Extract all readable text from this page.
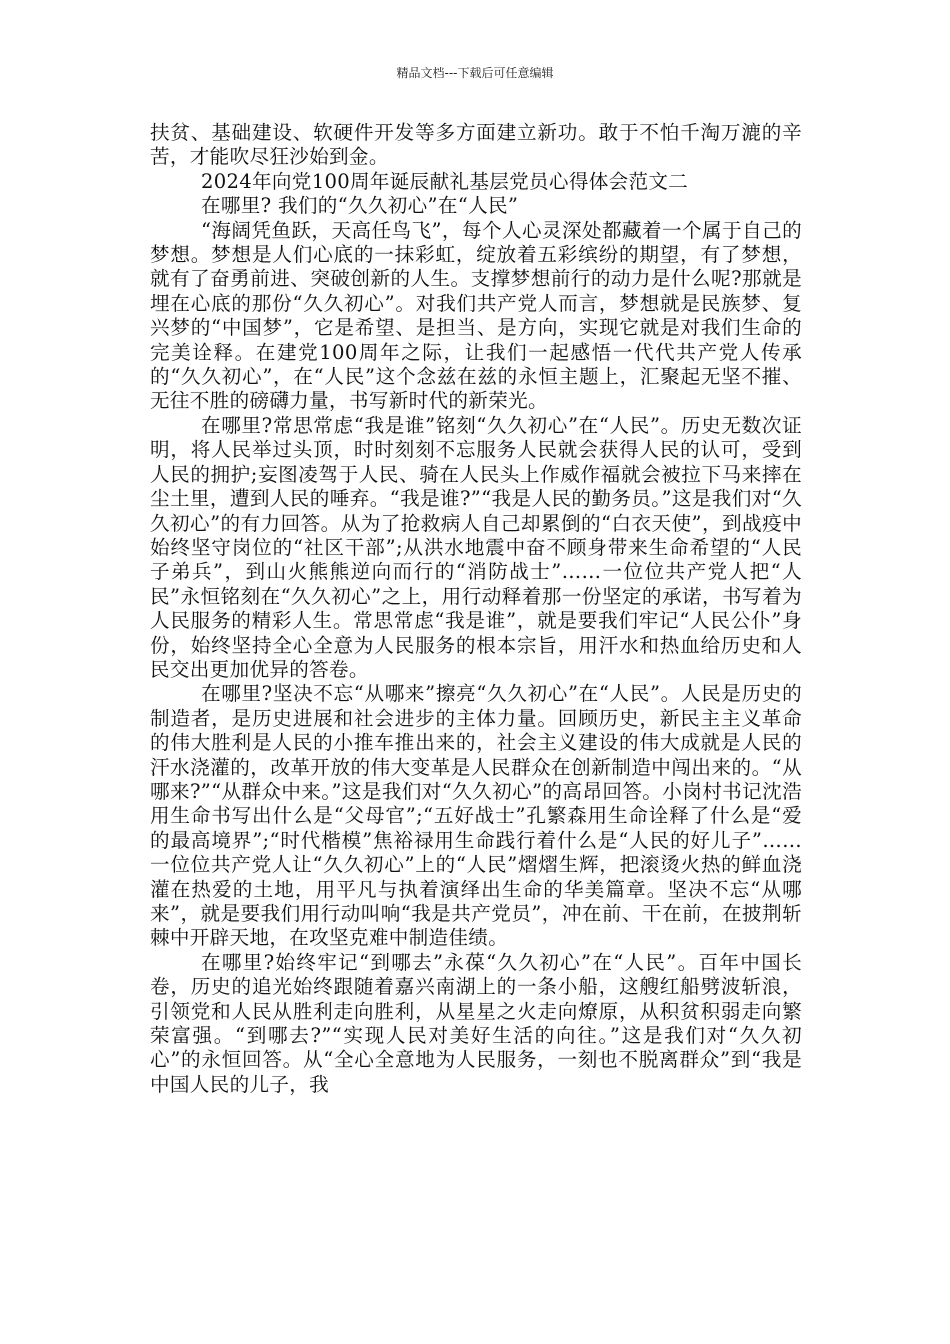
精品文档---下载后可任意编辑

扶贫、基础建设、软硬件开发等多方面建立新功。敢于不怕千淘万漉的辛苦，才能吹尽狂沙始到金。

2024年向党100周年诞辰献礼基层党员心得体会范文二

在哪里? 我们的“久久初心”在“人民”

“海阔凭鱼跃，天高任鸟飞”，每个人心灵深处都藏着一个属于自己的梦想。梦想是人们心底的一抹彩虹，绽放着五彩缤纷的期望，有了梦想，就有了奋勇前进、突破创新的人生。支撑梦想前行的动力是什么呢?那就是埋在心底的那份“久久初心”。对我们共产党人而言，梦想就是民族梦、复兴梦的“中国梦”，它是希望、是担当、是方向，实现它就是对我们生命的完美诠释。在建党100周年之际，让我们一起感悟一代代共产党人传承的“久久初心”，在“人民”这个念兹在兹的永恒主题上，汇聚起无坚不摧、无往不胜的磅礴力量，书写新时代的新荣光。

在哪里?常思常虑“我是谁”铭刻“久久初心”在“人民”。历史无数次证明，将人民举过头顶，时时刻刻不忘服务人民就会获得人民的认可，受到人民的拥护;妄图凌驾于人民、骑在人民头上作威作福就会被拉下马来摔在尘土里，遭到人民的唾弃。“我是谁?”“我是人民的勤务员。”这是我们对“久久初心”的有力回答。从为了抢救病人自己却累倒的“白衣天使”，到战疫中始终坚守岗位的“社区干部”;从洪水地震中奋不顾身带来生命希望的“人民子弟兵”，到山火熊熊逆向而行的“消防战士”……一位位共产党人把“人民”永恒铭刻在“久久初心”之上，用行动释着那一份坚定的承诺，书写着为人民服务的精彩人生。常思常虑“我是谁”，就是要我们牢记“人民公仆”身份，始终坚持全心全意为人民服务的根本宗旨，用汗水和热血给历史和人民交出更加优异的答卷。

在哪里?坚决不忘“从哪来”擦亮“久久初心”在“人民”。人民是历史的制造者，是历史进展和社会进步的主体力量。回顾历史，新民主主义革命的伟大胜利是人民的小推车推出来的，社会主义建设的伟大成就是人民的汗水浇灌的，改革开放的伟大变革是人民群众在创新制造中闯出来的。“从哪来?”“从群众中来。”这是我们对“久久初心”的高昂回答。小岗村书记沈浩用生命书写出什么是“父母官”;“五好战士”孔繁森用生命诠释了什么是“爱的最高境界”;“时代楷模”焦裕禄用生命践行着什么是“人民的好儿子”……一位位共产党人让“久久初心”上的“人民”熠熠生辉，把滚烫火热的鲜血浇灌在热爱的土地，用平凡与执着演绎出生命的华美篇章。坚决不忘“从哪来”，就是要我们用行动叫响“我是共产党员”，冲在前、干在前，在披荆斩棘中开辟天地，在攻坚克难中制造佳绩。

在哪里?始终牢记“到哪去”永葆“久久初心”在“人民”。百年中国长卷，历史的追光始终跟随着嘉兴南湖上的一条小船，这艘红船劈波斩浪，引领党和人民从胜利走向胜利，从星星之火走向燎原，从积贫积弱走向繁荣富强。“到哪去?”“实现人民对美好生活的向往。”这是我们对“久久初心”的永恒回答。从“全心全意地为人民服务，一刻也不脱离群众”到“我是中国人民的儿子，我
